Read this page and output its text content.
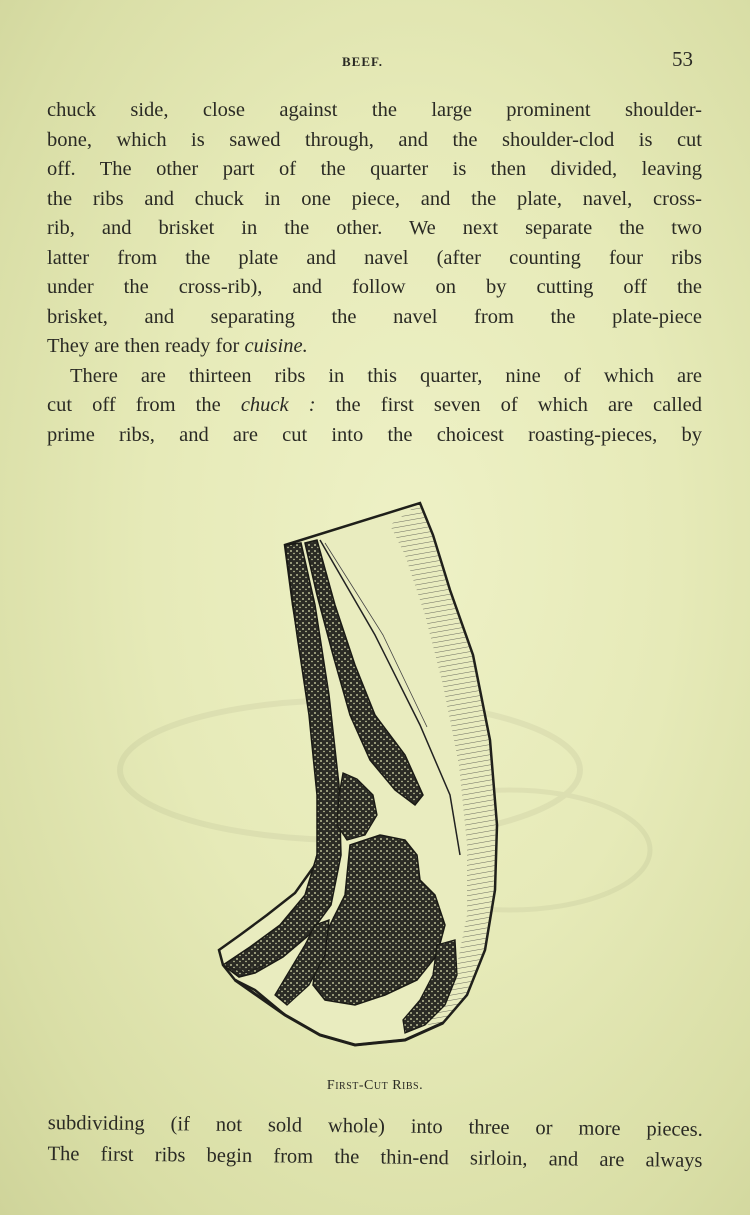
BEEF.	53
chuck side, close against the large prominent shoulder-
bone, which is sawed through, and the shoulder-clod is cut
off. The other part of the quarter is then divided, leaving
the ribs and chuck in one piece, and the plate, navel, cross-
rib, and brisket in the other. We next separate the two
latter from the plate and navel (after counting four ribs
under the cross-rib), and follow on by cutting off the
brisket, and separating the navel from the plate-piece
They are then ready for cuisine.
There are thirteen ribs in this quarter, nine of which are
cut off from the chuck : the first seven of which are called
prime ribs, and are cut into the choicest roasting-pieces, by
First-Cut Ribs.
subdividing (if not sold whole) into three or more pieces.
The first ribs begin from the thin-end sirloin, and are always
